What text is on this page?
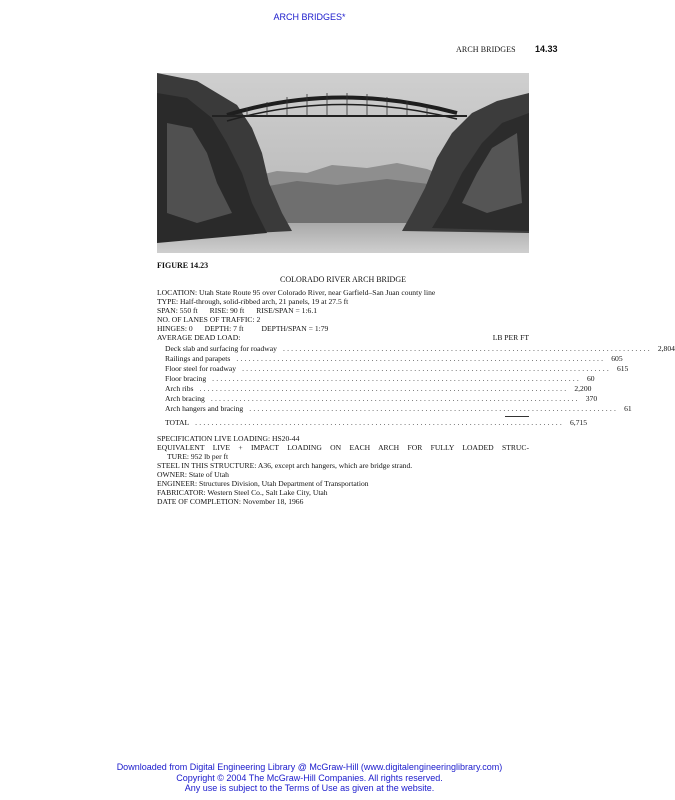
ARCH BRIDGES*
ARCH BRIDGES 14.33
FIGURE 14.23
COLORADO RIVER ARCH BRIDGE
LOCATION: Utah State Route 95 over Colorado River, near Garfield–San Juan county line
TYPE: Half-through, solid-ribbed arch, 21 panels, 19 at 27.5 ft
SPAN: 550 ft RISE: 90 ft RISE/SPAN = 1:6.1
NO. OF LANES OF TRAFFIC: 2
HINGES: 0 DEPTH: 7 ft DEPTH/SPAN = 1:79
AVERAGE DEAD LOAD:	LB PER FT
Deck slab and surfacing for roadway .......................................................................................... 2,804
Railings and parapets .......................................................................................... 605
Floor steel for roadway .......................................................................................... 615
Floor bracing .......................................................................................... 60
Arch ribs .......................................................................................... 2,200
Arch bracing .......................................................................................... 370
Arch hangers and bracing .......................................................................................... 61
TOTAL .......................................................................................... 6,715
SPECIFICATION LIVE LOADING: HS20-44
EQUIVALENT LIVE + IMPACT LOADING ON EACH ARCH FOR FULLY LOADED STRUC-
TURE: 952 lb per ft
STEEL IN THIS STRUCTURE: A36, except arch hangers, which are bridge strand.
OWNER: State of Utah
ENGINEER: Structures Division, Utah Department of Transportation
FABRICATOR: Western Steel Co., Salt Lake City, Utah
DATE OF COMPLETION: November 18, 1966
Downloaded from Digital Engineering Library @ McGraw-Hill (www.digitalengineeringlibrary.com)
Copyright © 2004 The McGraw-Hill Companies. All rights reserved.
Any use is subject to the Terms of Use as given at the website.
